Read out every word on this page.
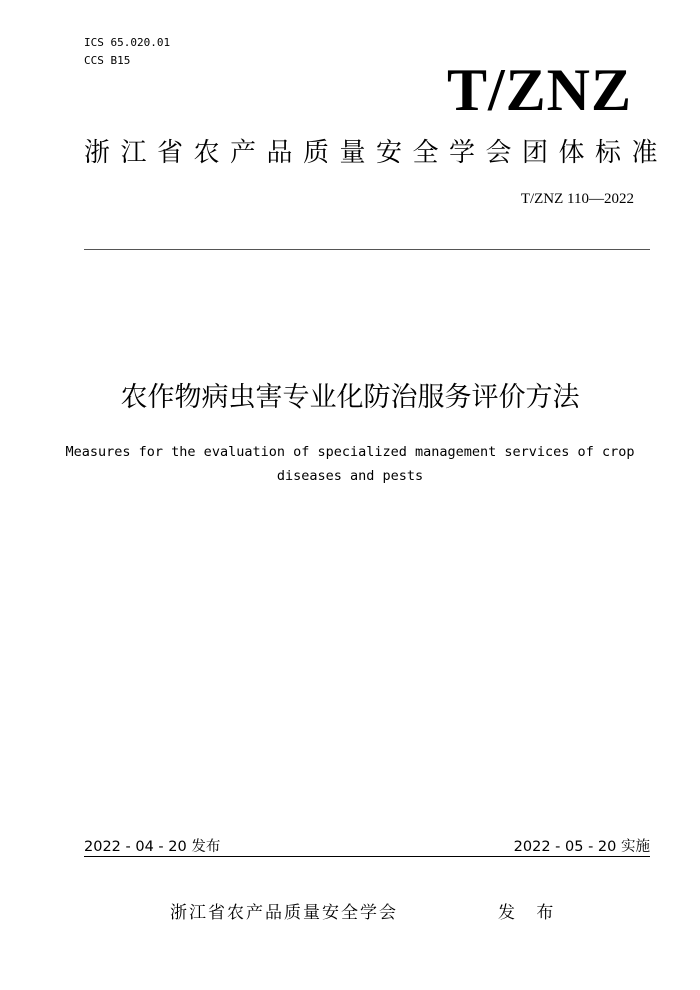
ICS 65.020.01
CCS B15	T/ZNZ
浙江省农产品质量安全学会团体标准
T/ZNZ 110—2022
农作物病虫害专业化防治服务评价方法
Measures for the evaluation of specialized management services of crop
diseases and pests
2022 - 04 - 20 发布	2022 - 05 - 20 实施
浙江省农产品质量安全学会	发 布
